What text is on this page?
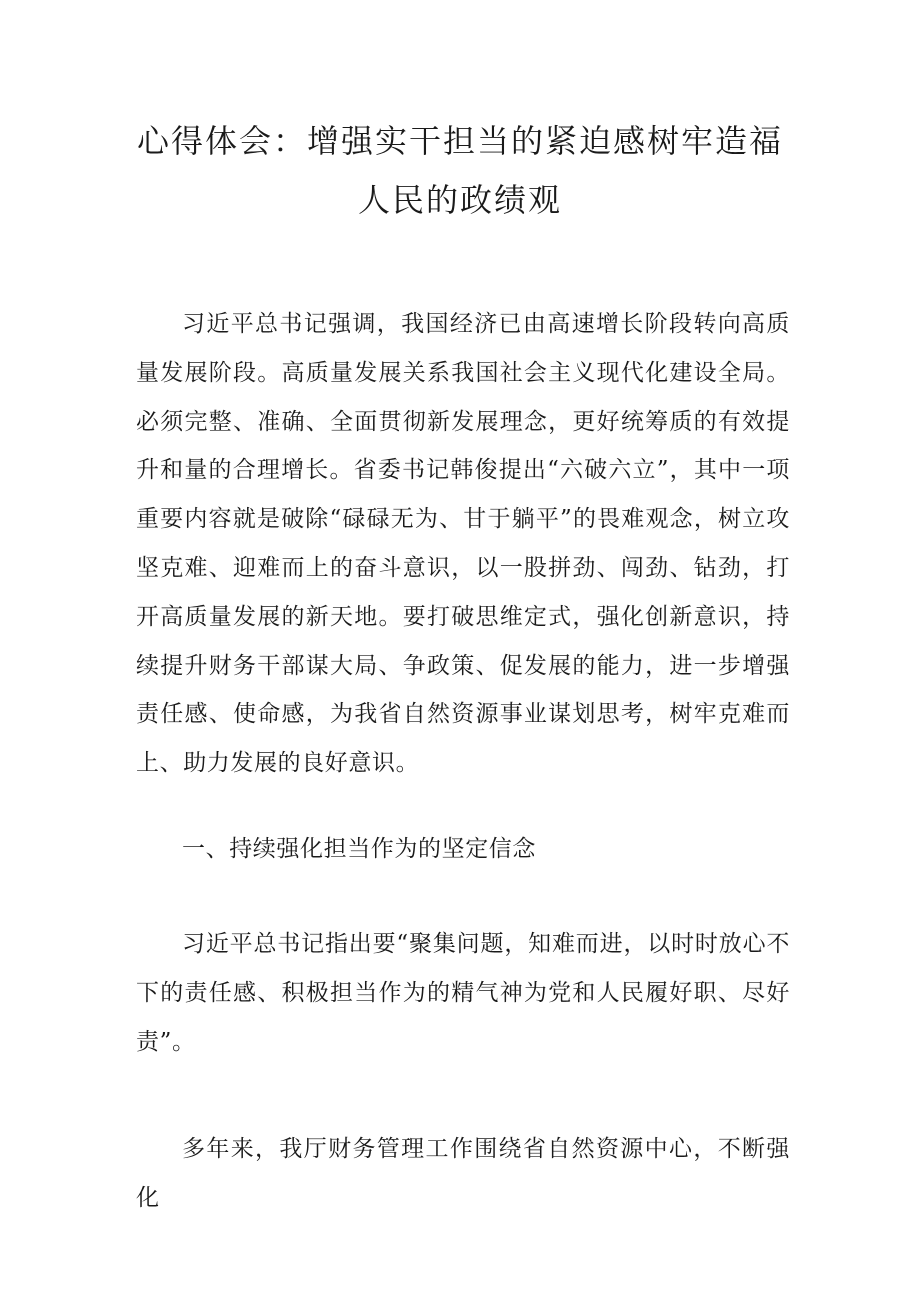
心得体会：增强实干担当的紧迫感树牢造福
人民的政绩观

习近平总书记强调，我国经济已由高速增长阶段转向高质量发展阶段。高质量发展关系我国社会主义现代化建设全局。必须完整、准确、全面贯彻新发展理念，更好统筹质的有效提升和量的合理增长。省委书记韩俊提出“六破六立”，其中一项重要内容就是破除“碌碌无为、甘于躺平”的畏难观念，树立攻坚克难、迎难而上的奋斗意识，以一股拼劲、闯劲、钻劲，打开高质量发展的新天地。要打破思维定式，强化创新意识，持续提升财务干部谋大局、争政策、促发展的能力，进一步增强责任感、使命感，为我省自然资源事业谋划思考，树牢克难而上、助力发展的良好意识。

一、持续强化担当作为的坚定信念

习近平总书记指出要“聚集问题，知难而进，以时时放心不下的责任感、积极担当作为的精气神为党和人民履好职、尽好责”。

多年来，我厅财务管理工作围绕省自然资源中心，不断强化
